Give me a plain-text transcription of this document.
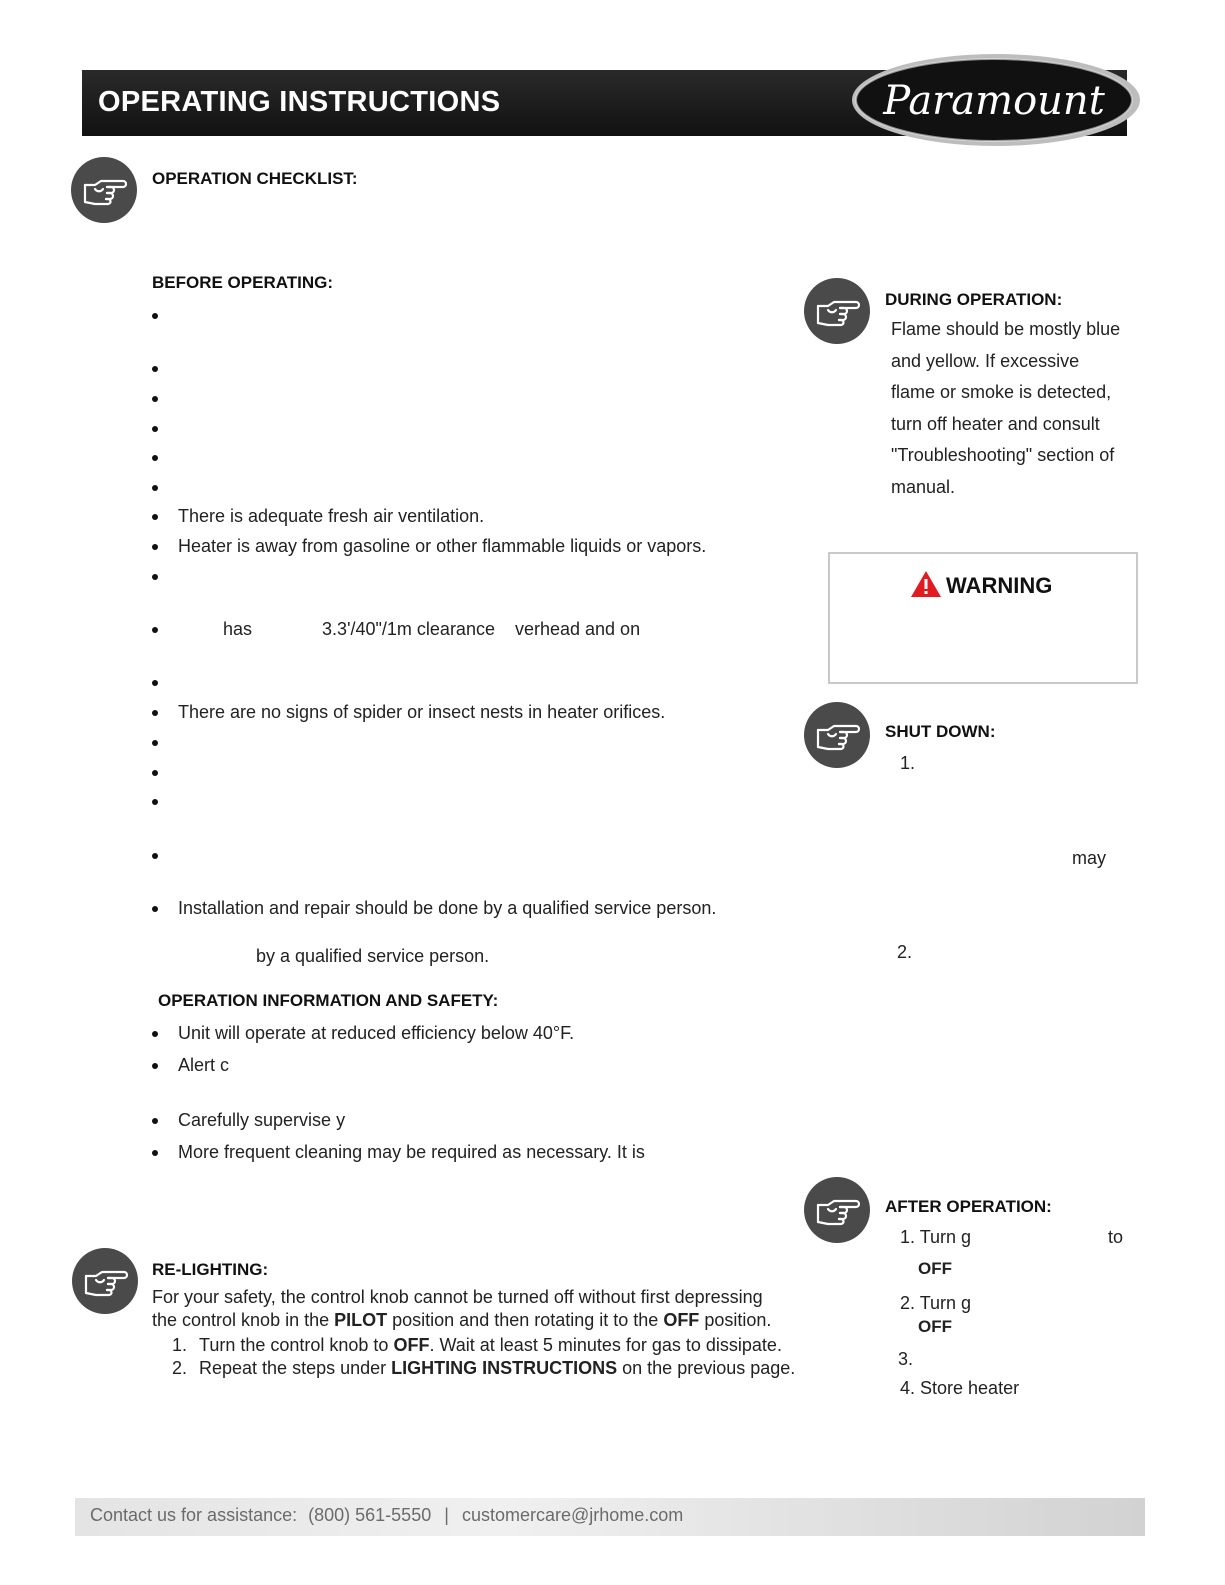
OPERATING INSTRUCTIONS	Paramount
OPERATION CHECKLIST:
BEFORE OPERATING:
There is adequate fresh air ventilation.
Heater is away from gasoline or other flammable liquids or vapors.
has              3.3'/40"/1m clearance    verhead and on
There are no signs of spider or insect nests in heater orifices.
Installation and repair should be done by a qualified service person.
by a qualified service person.
OPERATION INFORMATION AND SAFETY:
Unit will operate at reduced efficiency below 40°F.
Alert c
Carefully supervise y
More frequent cleaning may be required as necessary. It is
RE-LIGHTING:
For your safety, the control knob cannot be turned off without first depressing
the control knob in the PILOT position and then rotating it to the OFF position.
1. Turn the control knob to OFF. Wait at least 5 minutes for gas to dissipate.
2. Repeat the steps under LIGHTING INSTRUCTIONS on the previous page.
DURING OPERATION:
Flame should be mostly blue
and yellow. If excessive
flame or smoke is detected,
turn off heater and consult
"Troubleshooting" section of
manual.
WARNING
SHUT DOWN:
1.
may
2.
AFTER OPERATION:
1. Turn g	to
OFF
2. Turn g
OFF
3.
4. Store heater
Contact us for assistance: (800) 561-5550 | customercare@jrhome.com
